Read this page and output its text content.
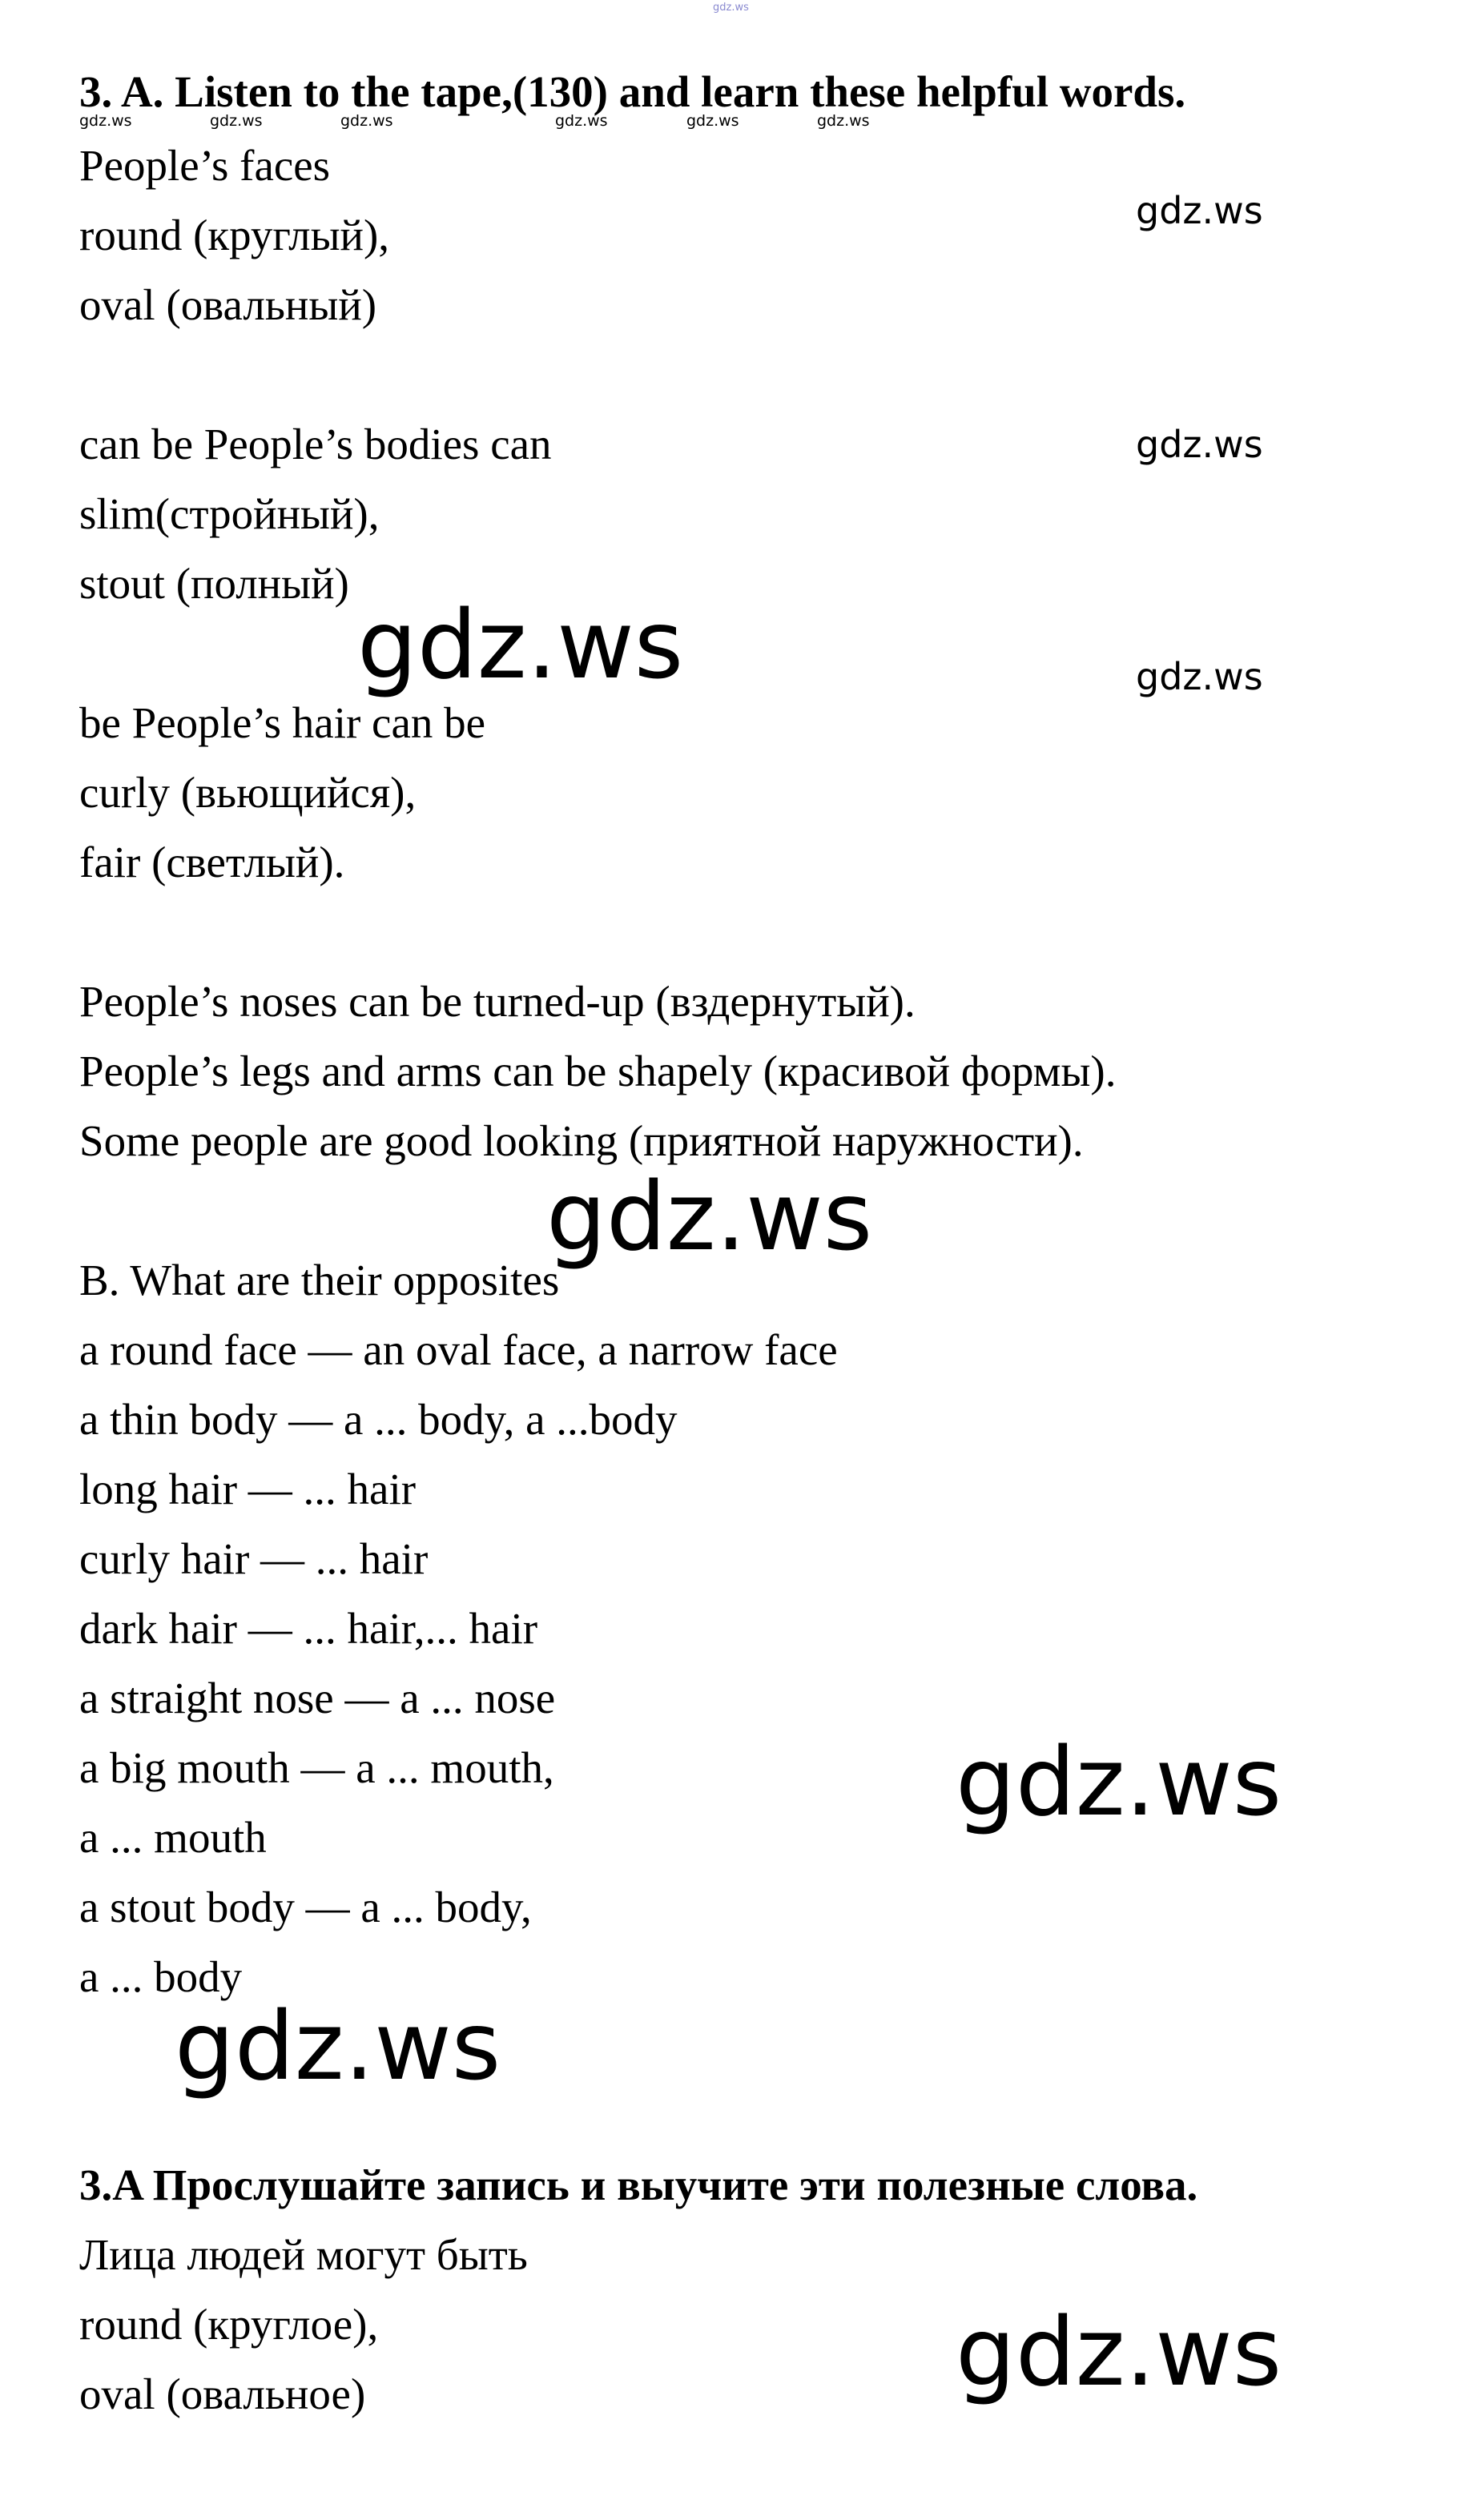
gdz.ws
3. A. Listen to the tape,(130) and learn these helpful words.
gdz.ws	gdz.ws	gdz.ws	gdz.ws	gdz.ws	gdz.ws
People’s faces
round (круглый),
oval (овальный)
can be People’s bodies can
slim(стройный),
stout (полный)
be People’s hair can be
curly (вьющийся),
fair (светлый).
People’s noses can be turned-up (вздернутый).
People’s legs and arms can be shapely (красивой формы).
Some people are good looking (приятной наружности).
B. What are their opposites
a round face — an oval face, a narrow face
a thin body — a ... body, a ...body
long hair — ... hair
curly hair — ... hair
dark hair — ... hair,... hair
a straight nose — a ... nose
a big mouth — a ... mouth,
a ... mouth
a stout body — a ... body,
a ... body
3.A Прослушайте запись и выучите эти полезные слова.
Лица людей могут быть
round (круглое),
oval (овальное)
gdz.ws
gdz.ws
gdz.ws
gdz.ws
gdz.ws
gdz.ws
gdz.ws
gdz.ws
